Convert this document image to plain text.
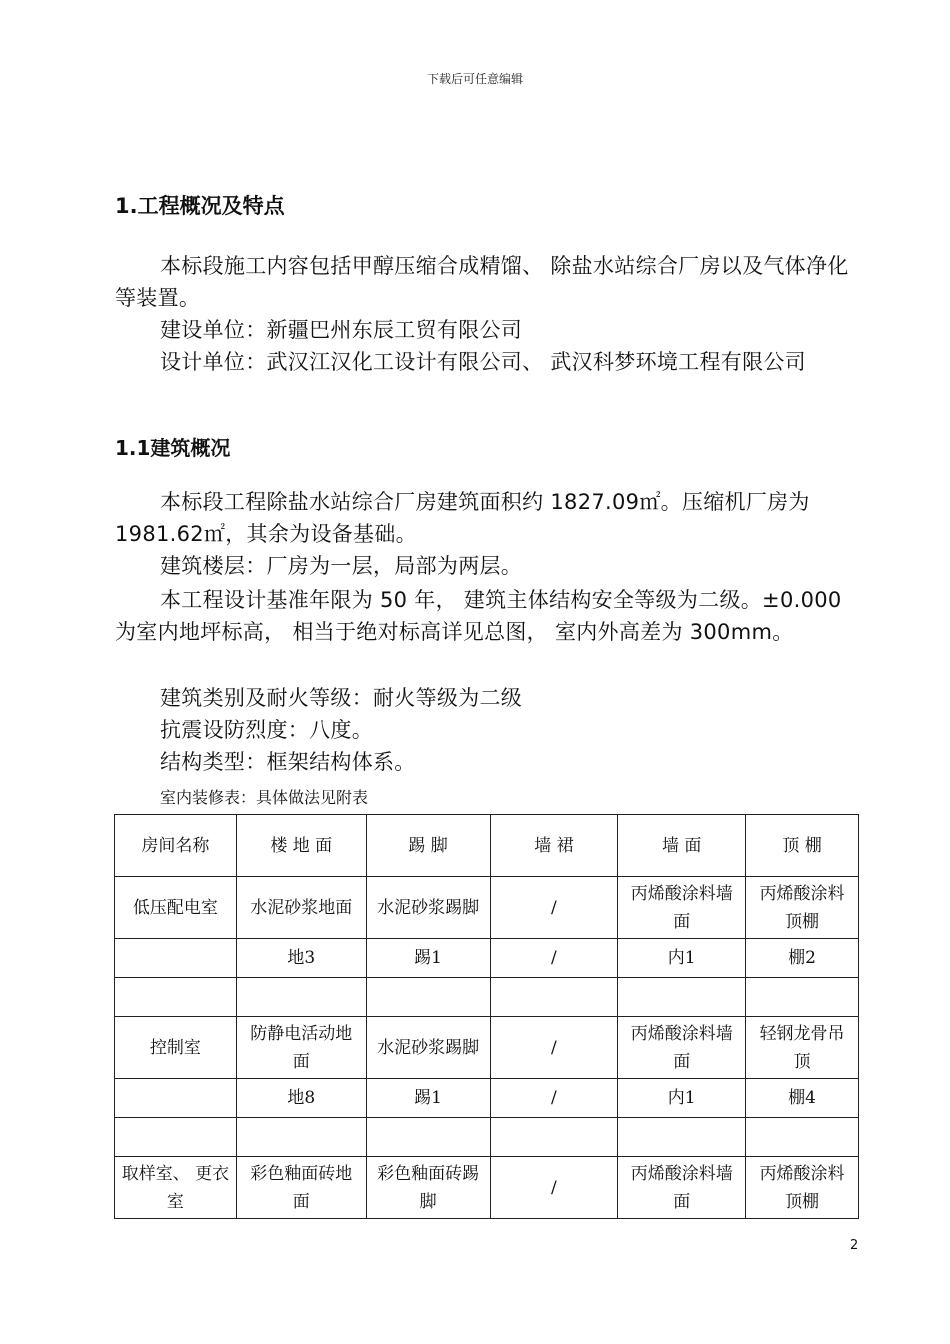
下载后可任意编辑
1.工程概况及特点
本标段施工内容包括甲醇压缩合成精馏、 除盐水站综合厂房以及气体净化等装置。
建设单位：新疆巴州东辰工贸有限公司
设计单位：武汉江汉化工设计有限公司、 武汉科梦环境工程有限公司
1.1建筑概况
本标段工程除盐水站综合厂房建筑面积约 1827.09㎡。压缩机厂房为 1981.62㎡，其余为设备基础。
建筑楼层：厂房为一层，局部为两层。
本工程设计基准年限为 50 年， 建筑主体结构安全等级为二级。±0.000 为室内地坪标高， 相当于绝对标高详见总图， 室内外高差为 300mm。
建筑类别及耐火等级：耐火等级为二级
抗震设防烈度：八度。
结构类型：框架结构体系。
室内装修表：具体做法见附表
房间名称	楼 地 面	踢 脚	墙 裙	墙 面	顶 棚
低压配电室	水泥砂浆地面	水泥砂浆踢脚	/	丙烯酸涂料墙面	丙烯酸涂料顶棚
	地3	踢1	/	内1	棚2

控制室	防静电活动地面	水泥砂浆踢脚	/	丙烯酸涂料墙面	轻钢龙骨吊顶
	地8	踢1	/	内1	棚4

取样室、 更衣室	彩色釉面砖地面	彩色釉面砖踢脚	/	丙烯酸涂料墙面	丙烯酸涂料顶棚
2
